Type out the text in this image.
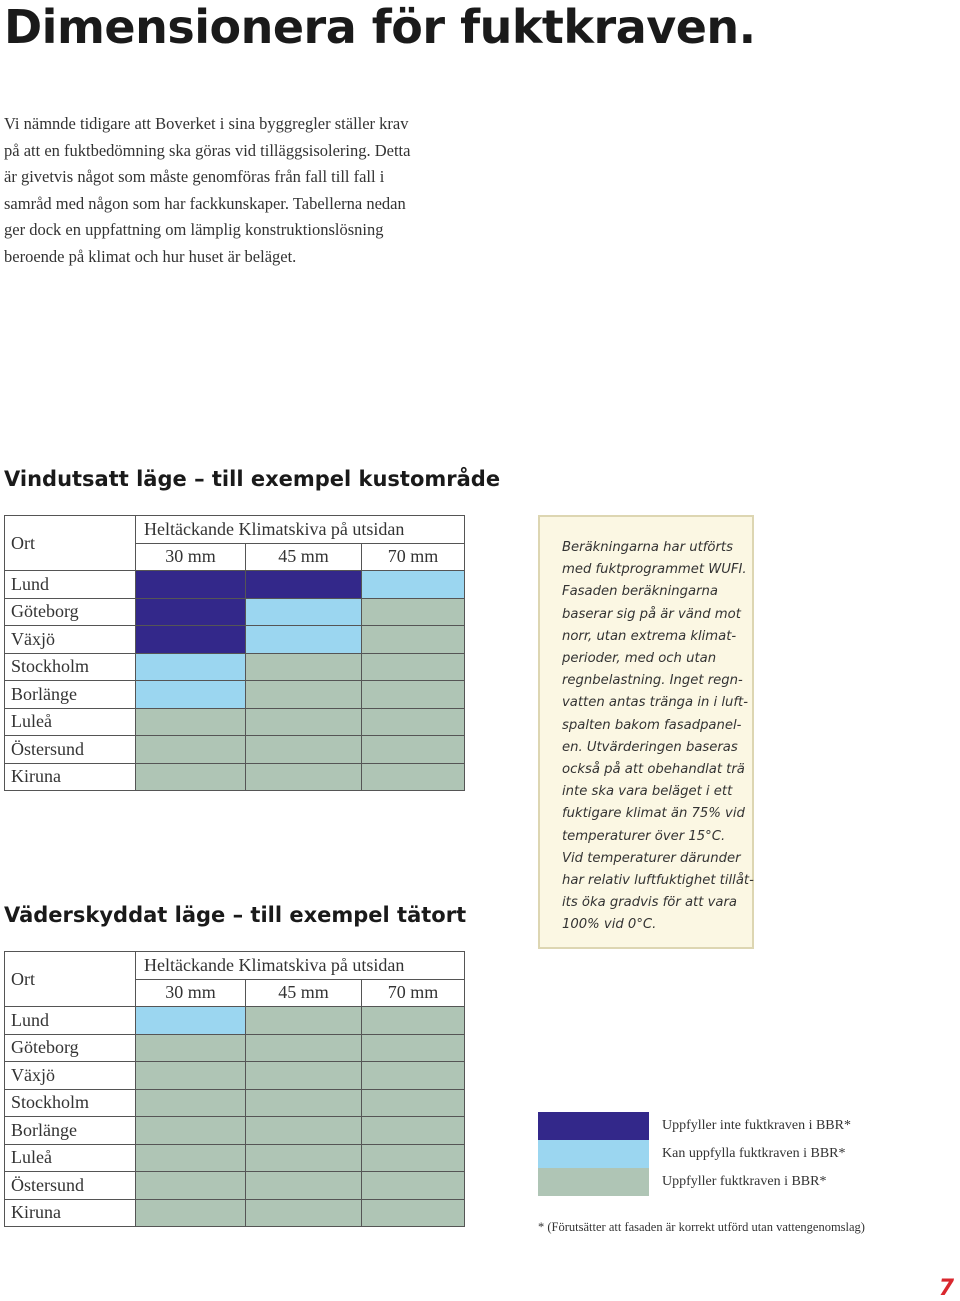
Dimensionera för fuktkraven.
Vi nämnde tidigare att Boverket i sina byggregler ställer krav
på att en fuktbedömning ska göras vid tilläggsisolering. Detta
är givetvis något som måste genomföras från fall till fall i
samråd med någon som har fackkunskaper. Tabellerna nedan
ger dock en uppfattning om lämplig konstruktionslösning
beroende på klimat och hur huset är beläget.
Vindutsatt läge – till exempel kustområde
Ort	Heltäckande Klimatskiva på utsidan		
	30 mm	45 mm	70 mm
Lund			
Göteborg			
Växjö			
Stockholm			
Borlänge			
Luleå			
Östersund			
Kiruna			
Väderskyddat läge – till exempel tätort
Ort	Heltäckande Klimatskiva på utsidan		
	30 mm	45 mm	70 mm
Lund			
Göteborg			
Växjö			
Stockholm			
Borlänge			
Luleå			
Östersund			
Kiruna			
Beräkningarna har utförts
med fuktprogrammet WUFI.
Fasaden beräkningarna
baserar sig på är vänd mot
norr, utan extrema klimat-
perioder, med och utan
regnbelastning. Inget regn-
vatten antas tränga in i luft-
spalten bakom fasadpanel-
en. Utvärderingen baseras
också på att obehandlat trä
inte ska vara beläget i ett
fuktigare klimat än 75% vid
temperaturer över 15°C.
Vid temperaturer därunder
har relativ luftfuktighet tillåt-
its öka gradvis för att vara
100% vid 0°C.
Uppfyller inte fuktkraven i BBR*
Kan uppfylla fuktkraven i BBR*
Uppfyller fuktkraven i BBR*
* (Förutsätter att fasaden är korrekt utförd utan vattengenomslag)
7
